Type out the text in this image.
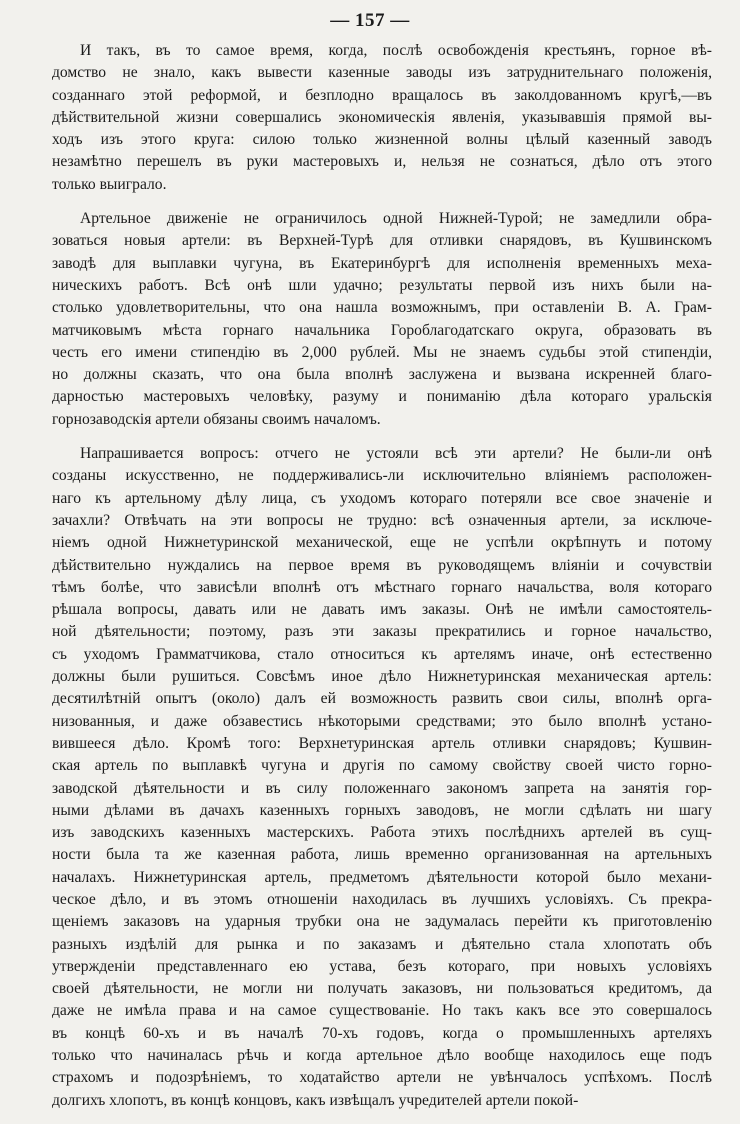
— 157 —
И такъ, въ то самое время, когда, послѣ освобожденія крестьянъ, горное вѣ-
домство не знало, какъ вывести казенные заводы изъ затруднительнаго положенія,
созданнаго этой реформой, и безплодно вращалось въ заколдованномъ кругѣ,—въ
дѣйствительной жизни совершались экономическія явленія, указывавшія прямой вы-
ходъ изъ этого круга: силою только жизненной волны цѣлый казенный заводъ
незамѣтно перешелъ въ руки мастеровыхъ и, нельзя не сознаться, дѣло отъ этого
только выиграло.
Артельное движеніе не ограничилось одной Нижней-Турой; не замедлили обра-
зоваться новыя артели: въ Верхней-Турѣ для отливки снарядовъ, въ Кушвинскомъ
заводѣ для выплавки чугуна, въ Екатеринбургѣ для исполненія временныхъ меха-
ническихъ работъ. Всѣ онѣ шли удачно; результаты первой изъ нихъ были на-
столько удовлетворительны, что она нашла возможнымъ, при оставленіи В. А. Грам-
матчиковымъ мѣста горнаго начальника Гороблагодатскаго округа, образовать въ
честь его имени стипендію въ 2,000 рублей. Мы не знаемъ судьбы этой стипендіи,
но должны сказать, что она была вполнѣ заслужена и вызвана искренней благо-
дарностью мастеровыхъ человѣку, разуму и пониманію дѣла котораго уральскія
горнозаводскія артели обязаны своимъ началомъ.
Напрашивается вопросъ: отчего не устояли всѣ эти артели? Не были-ли онѣ
созданы искусственно, не поддерживались-ли исключительно вліяніемъ расположен-
наго къ артельному дѣлу лица, съ уходомъ котораго потеряли все свое значеніе и
зачахли? Отвѣчать на эти вопросы не трудно: всѣ означенныя артели, за исключе-
ніемъ одной Нижнетуринской механической, еще не успѣли окрѣпнуть и потому
дѣйствительно нуждались на первое время въ руководящемъ вліяніи и сочувствіи
тѣмъ болѣе, что зависѣли вполнѣ отъ мѣстнаго горнаго начальства, воля котораго
рѣшала вопросы, давать или не давать имъ заказы. Онѣ не имѣли самостоятель-
ной дѣятельности; поэтому, разъ эти заказы прекратились и горное начальство,
съ уходомъ Грамматчикова, стало относиться къ артелямъ иначе, онѣ естественно
должны были рушиться. Совсѣмъ иное дѣло Нижнетуринская механическая артель:
десятилѣтній опытъ (около) далъ ей возможность развить свои силы, вполнѣ орга-
низованныя, и даже обзавестись нѣкоторыми средствами; это было вполнѣ устано-
вившееся дѣло. Кромѣ того: Верхнетуринская артель отливки снарядовъ; Кушвин-
ская артель по выплавкѣ чугуна и другія по самому свойству своей чисто горно-
заводской дѣятельности и въ силу положеннаго закономъ запрета на занятія гор-
ными дѣлами въ дачахъ казенныхъ горныхъ заводовъ, не могли сдѣлать ни шагу
изъ заводскихъ казенныхъ мастерскихъ. Работа этихъ послѣднихъ артелей въ сущ-
ности была та же казенная работа, лишь временно организованная на артельныхъ
началахъ. Нижнетуринская артель, предметомъ дѣятельности которой было механи-
ческое дѣло, и въ этомъ отношеніи находилась въ лучшихъ условіяхъ. Съ прекра-
щеніемъ заказовъ на ударныя трубки она не задумалась перейти къ приготовленію
разныхъ издѣлій для рынка и по заказамъ и дѣятельно стала хлопотать объ
утвержденіи представленнаго ею устава, безъ котораго, при новыхъ условіяхъ
своей дѣятельности, не могли ни получать заказовъ, ни пользоваться кредитомъ, да
даже не имѣла права и на самое существованіе. Но такъ какъ все это совершалось
въ концѣ 60-хъ и въ началѣ 70-хъ годовъ, когда о промышленныхъ артеляхъ
только что начиналась рѣчь и когда артельное дѣло вообще находилось еще подъ
страхомъ и подозрѣніемъ, то ходатайство артели не увѣнчалось успѣхомъ. Послѣ
долгихъ хлопотъ, въ концѣ концовъ, какъ извѣщалъ учредителей артели покой-
